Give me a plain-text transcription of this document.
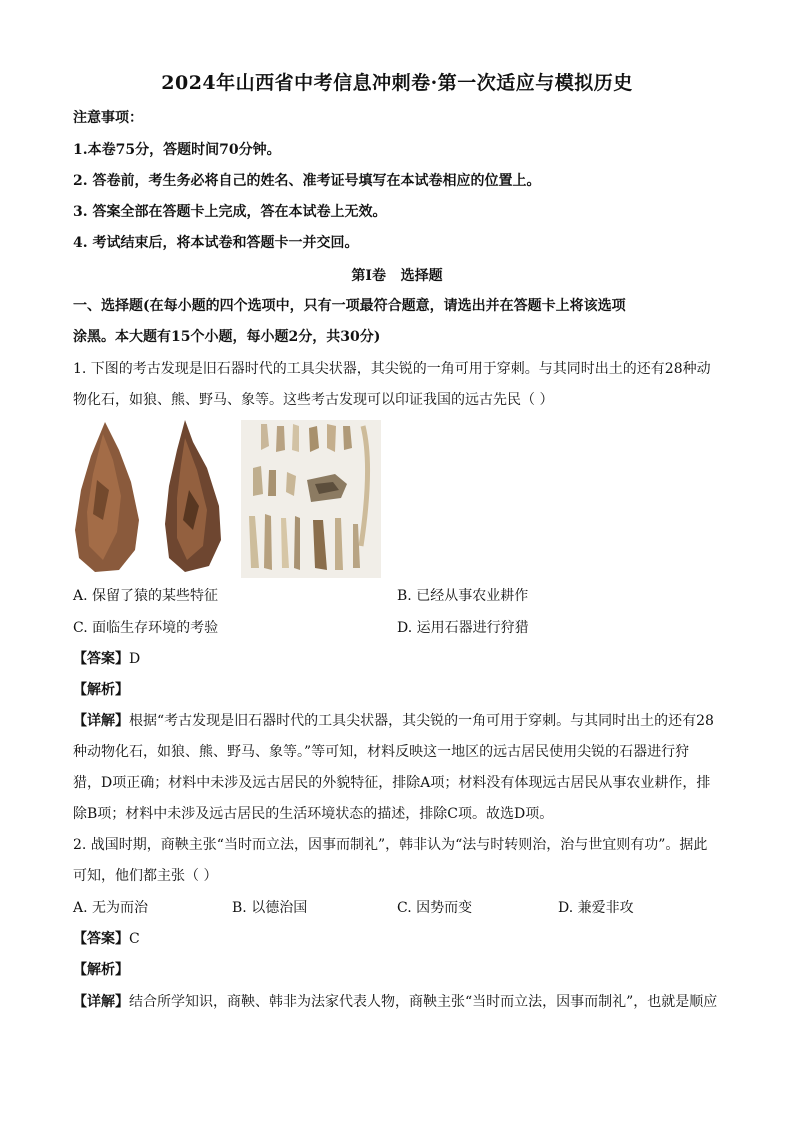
2024年山西省中考信息冲刺卷·第一次适应与模拟历史
注意事项：
1.本卷75分，答题时间70分钟。
2. 答卷前，考生务必将自己的姓名、准考证号填写在本试卷相应的位置上。
3. 答案全部在答题卡上完成，答在本试卷上无效。
4. 考试结束后，将本试卷和答题卡一并交回。
第Ⅰ卷   选择题
一、选择题(在每小题的四个选项中，只有一项最符合题意，请选出并在答题卡上将该选项
涂黑。本大题有15个小题，每小题2分，共30分)
1. 下图的考古发现是旧石器时代的工具尖状器，其尖锐的一角可用于穿刺。与其同时出土的还有28种动
物化石，如狼、熊、野马、象等。这些考古发现可以印证我国的远古先民（ ）
A. 保留了猿的某些特征	B. 已经从事农业耕作
C. 面临生存环境的考验	D. 运用石器进行狩猎
【答案】D
【解析】
【详解】根据“考古发现是旧石器时代的工具尖状器，其尖锐的一角可用于穿刺。与其同时出土的还有28
种动物化石，如狼、熊、野马、象等。”等可知，材料反映这一地区的远古居民使用尖锐的石器进行狩
猎，D项正确；材料中未涉及远古居民的外貌特征，排除A项；材料没有体现远古居民从事农业耕作，排
除B项；材料中未涉及远古居民的生活环境状态的描述，排除C项。故选D项。
2. 战国时期，商鞅主张“当时而立法，因事而制礼”，韩非认为“法与时转则治，治与世宜则有功”。据此
可知，他们都主张（ ）
A. 无为而治	B. 以德治国	C. 因势而变	D. 兼爱非攻
【答案】C
【解析】
【详解】结合所学知识，商鞅、韩非为法家代表人物，商鞅主张“当时而立法，因事而制礼”，也就是顺应
